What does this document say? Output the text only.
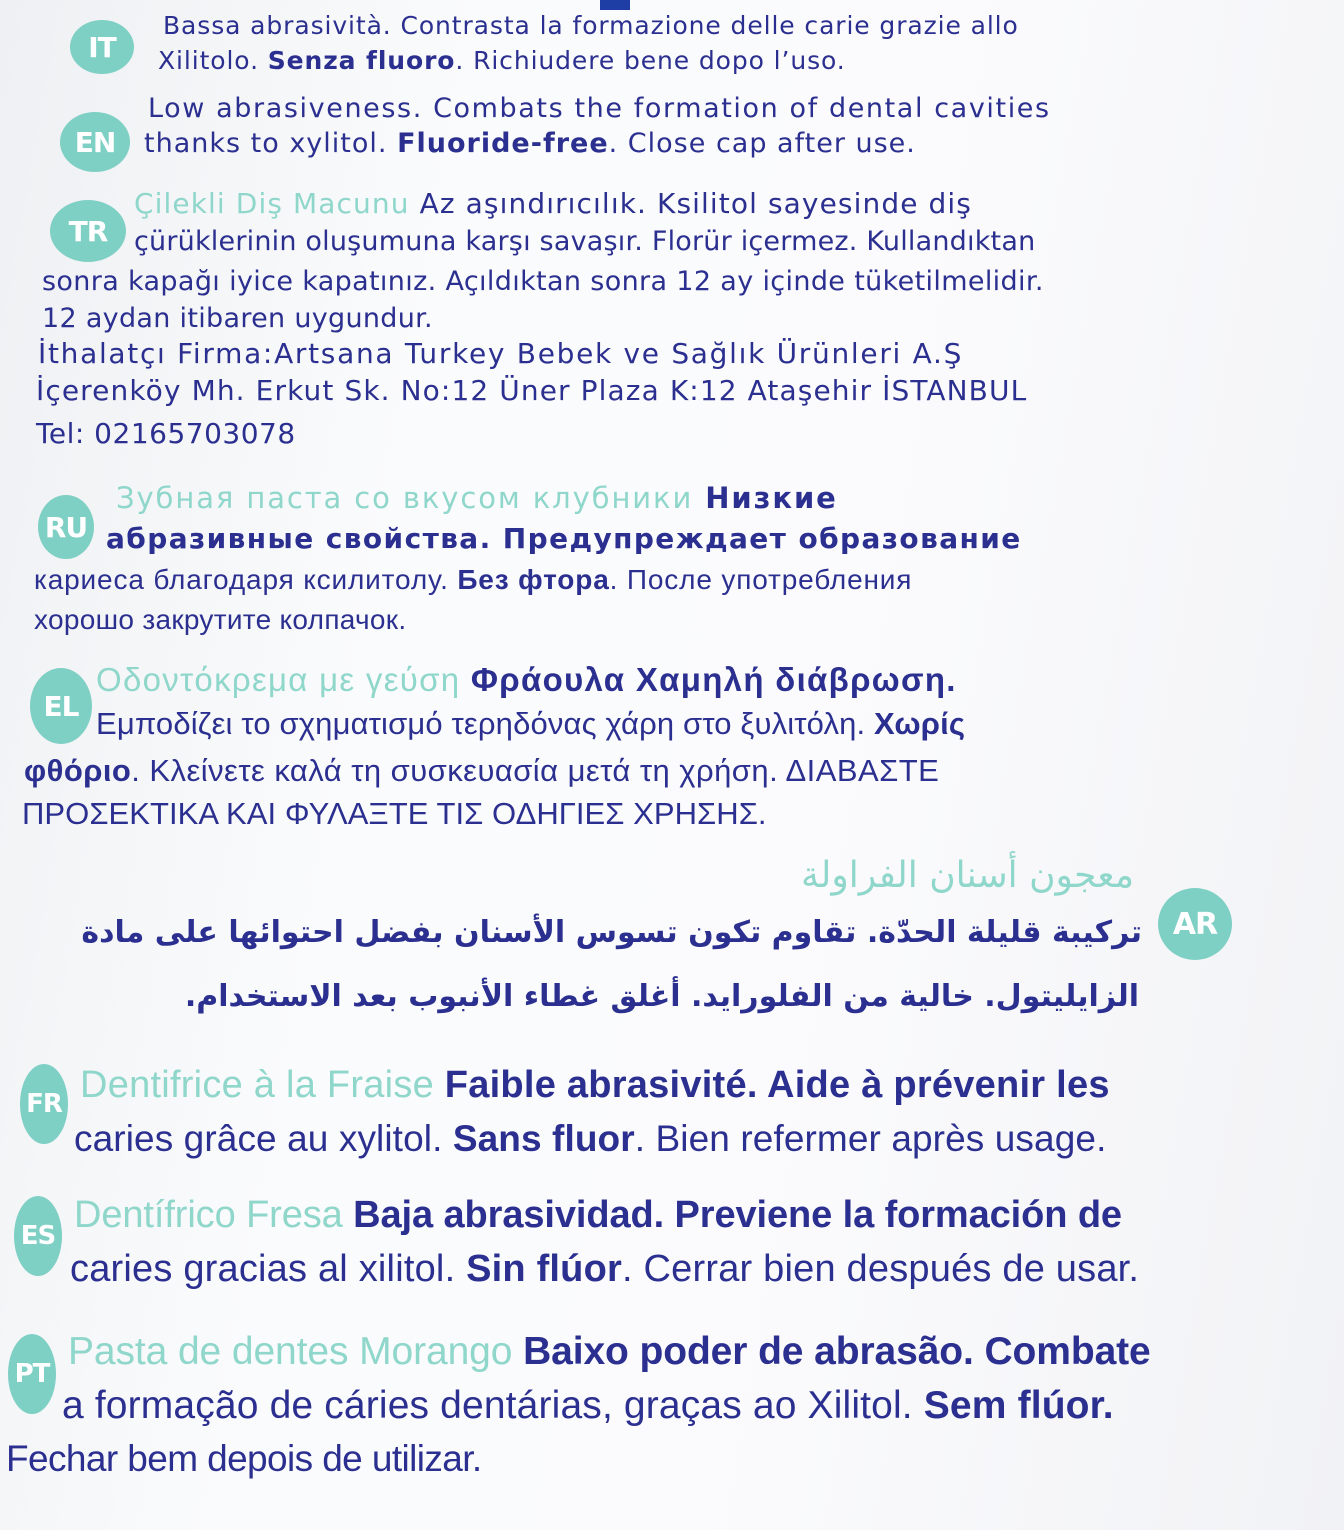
IT
Bassa abrasività. Contrasta la formazione delle carie grazie allo
Xilitolo. Senza fluoro. Richiudere bene dopo l’uso.
EN
Low abrasiveness. Combats the formation of dental cavities
thanks to xylitol. Fluoride-free. Close cap after use.
TR
Çilekli Diş Macunu Az aşındırıcılık. Ksilitol sayesinde diş
çürüklerinin oluşumuna karşı savaşır. Florür içermez. Kullandıktan
sonra kapağı iyice kapatınız. Açıldıktan sonra 12 ay içinde tüketilmelidir.
12 aydan itibaren uygundur.
İthalatçı Firma:Artsana Turkey Bebek ve Sağlık Ürünleri A.Ş
İçerenköy Mh. Erkut Sk. No:12 Üner Plaza K:12 Ataşehir İSTANBUL
Tel: 02165703078
RU
Зубная паста со вкусом клубники Низкие
абразивные свойства. Предупреждает образование
кариеса благодаря ксилитолу. Без фтора. После употребления
хорошо закрутите колпачок.
EL
Οδοντόκρεμα με γεύση Φράουλα Χαμηλή διάβρωση.
Εμποδίζει το σχηματισμό τερηδόνας χάρη στο ξυλιτόλη. Χωρίς
φθόριο. Κλείνετε καλά τη συσκευασία μετά τη χρήση. ΔΙΑΒΑΣΤΕ
ΠΡΟΣΕΚΤΙΚΑ ΚΑΙ ΦΥΛΑΞΤΕ ΤΙΣ ΟΔΗΓΙΕΣ ΧΡΗΣΗΣ.
AR
معجون أسنان الفراولة
تركيبة قليلة الحدّة. تقاوم تكون تسوس الأسنان بفضل احتوائها على مادة
الزايليتول. خالية من الفلورايد. أغلق غطاء الأنبوب بعد الاستخدام.
FR Dentifrice à la Fraise Faible abrasivité. Aide à prévenir les
caries grâce au xylitol. Sans fluor. Bien refermer après usage.
ES Dentífrico Fresa Baja abrasividad. Previene la formación de
caries gracias al xilitol. Sin flúor. Cerrar bien después de usar.
PT
Pasta de dentes Morango Baixo poder de abrasão. Combate
a formação de cáries dentárias, graças ao Xilitol. Sem flúor.
Fechar bem depois de utilizar.
